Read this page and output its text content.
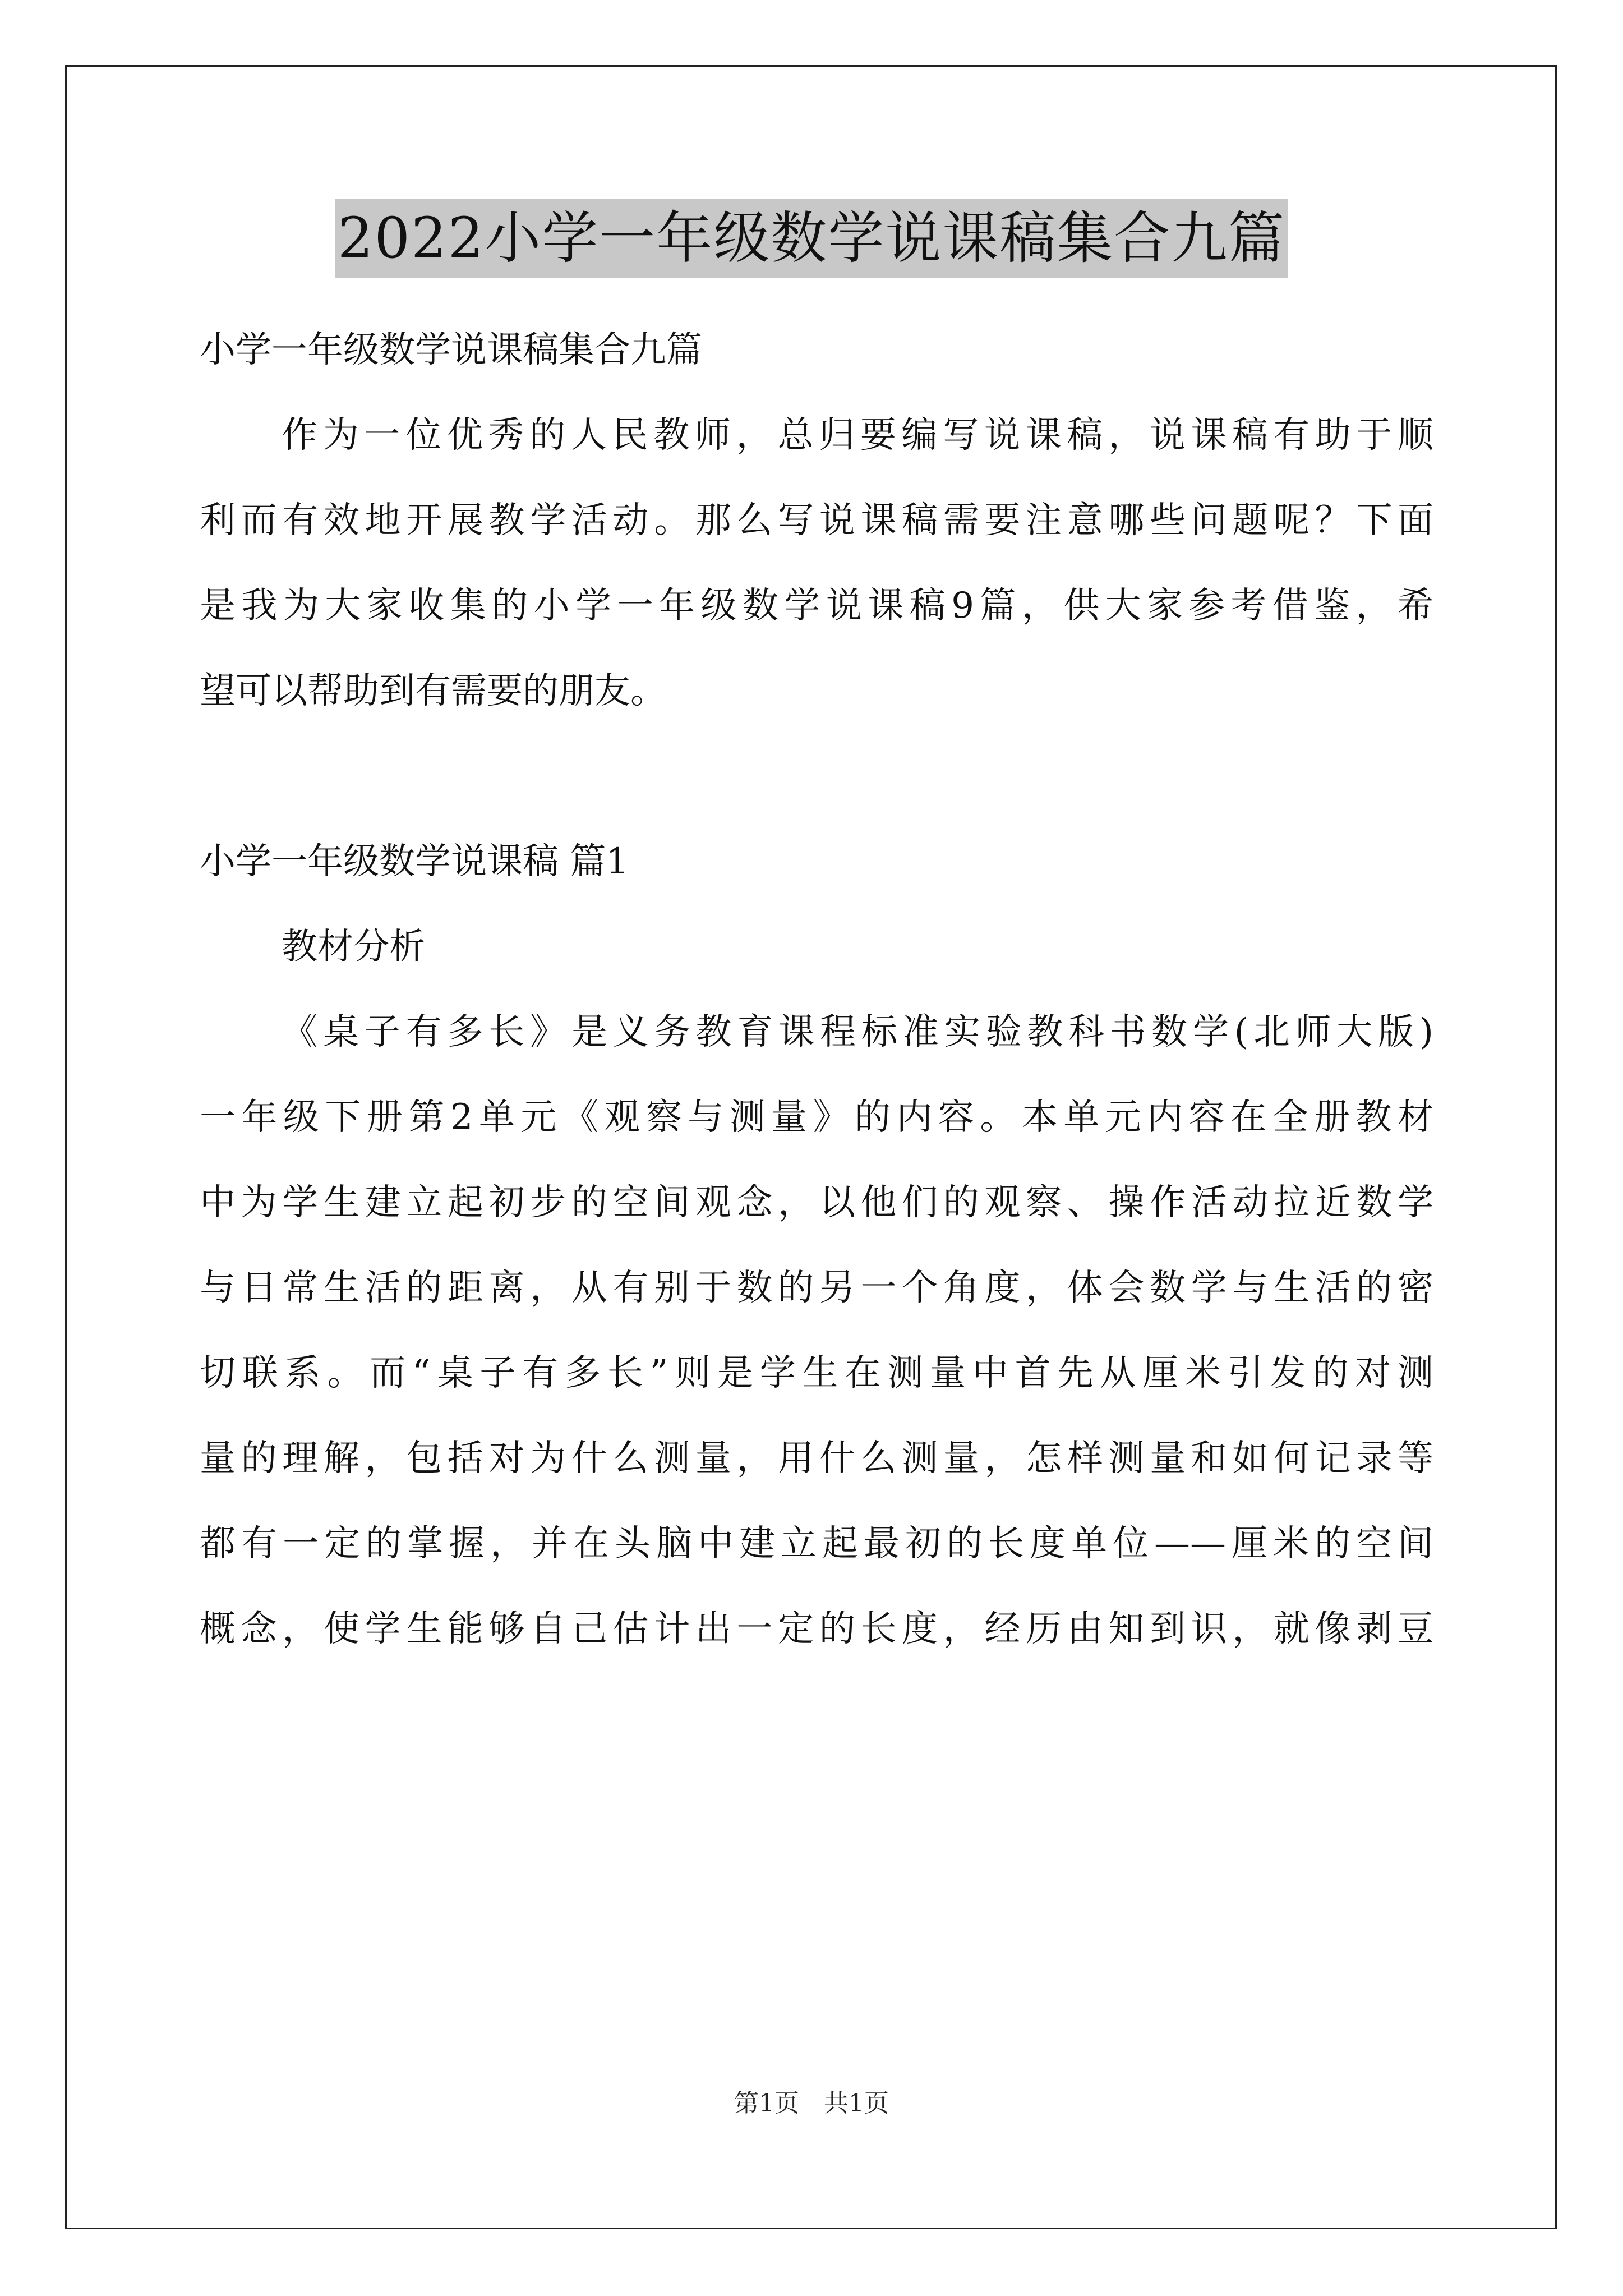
2022小学一年级数学说课稿集合九篇
小学一年级数学说课稿集合九篇
作为一位优秀的人民教师，总归要编写说课稿，说课稿有助于顺
利而有效地开展教学活动。那么写说课稿需要注意哪些问题呢？下面
是我为大家收集的小学一年级数学说课稿9篇，供大家参考借鉴，希
望可以帮助到有需要的朋友。
小学一年级数学说课稿 篇1
教材分析
《桌子有多长》是义务教育课程标准实验教科书数学(北师大版)
一年级下册第2单元《观察与测量》的内容。本单元内容在全册教材
中为学生建立起初步的空间观念，以他们的观察、操作活动拉近数学
与日常生活的距离，从有别于数的另一个角度，体会数学与生活的密
切联系。而“桌子有多长”则是学生在测量中首先从厘米引发的对测
量的理解，包括对为什么测量，用什么测量，怎样测量和如何记录等
都有一定的掌握，并在头脑中建立起最初的长度单位——厘米的空间
概念，使学生能够自己估计出一定的长度，经历由知到识，就像剥豆
第1页　共1页
